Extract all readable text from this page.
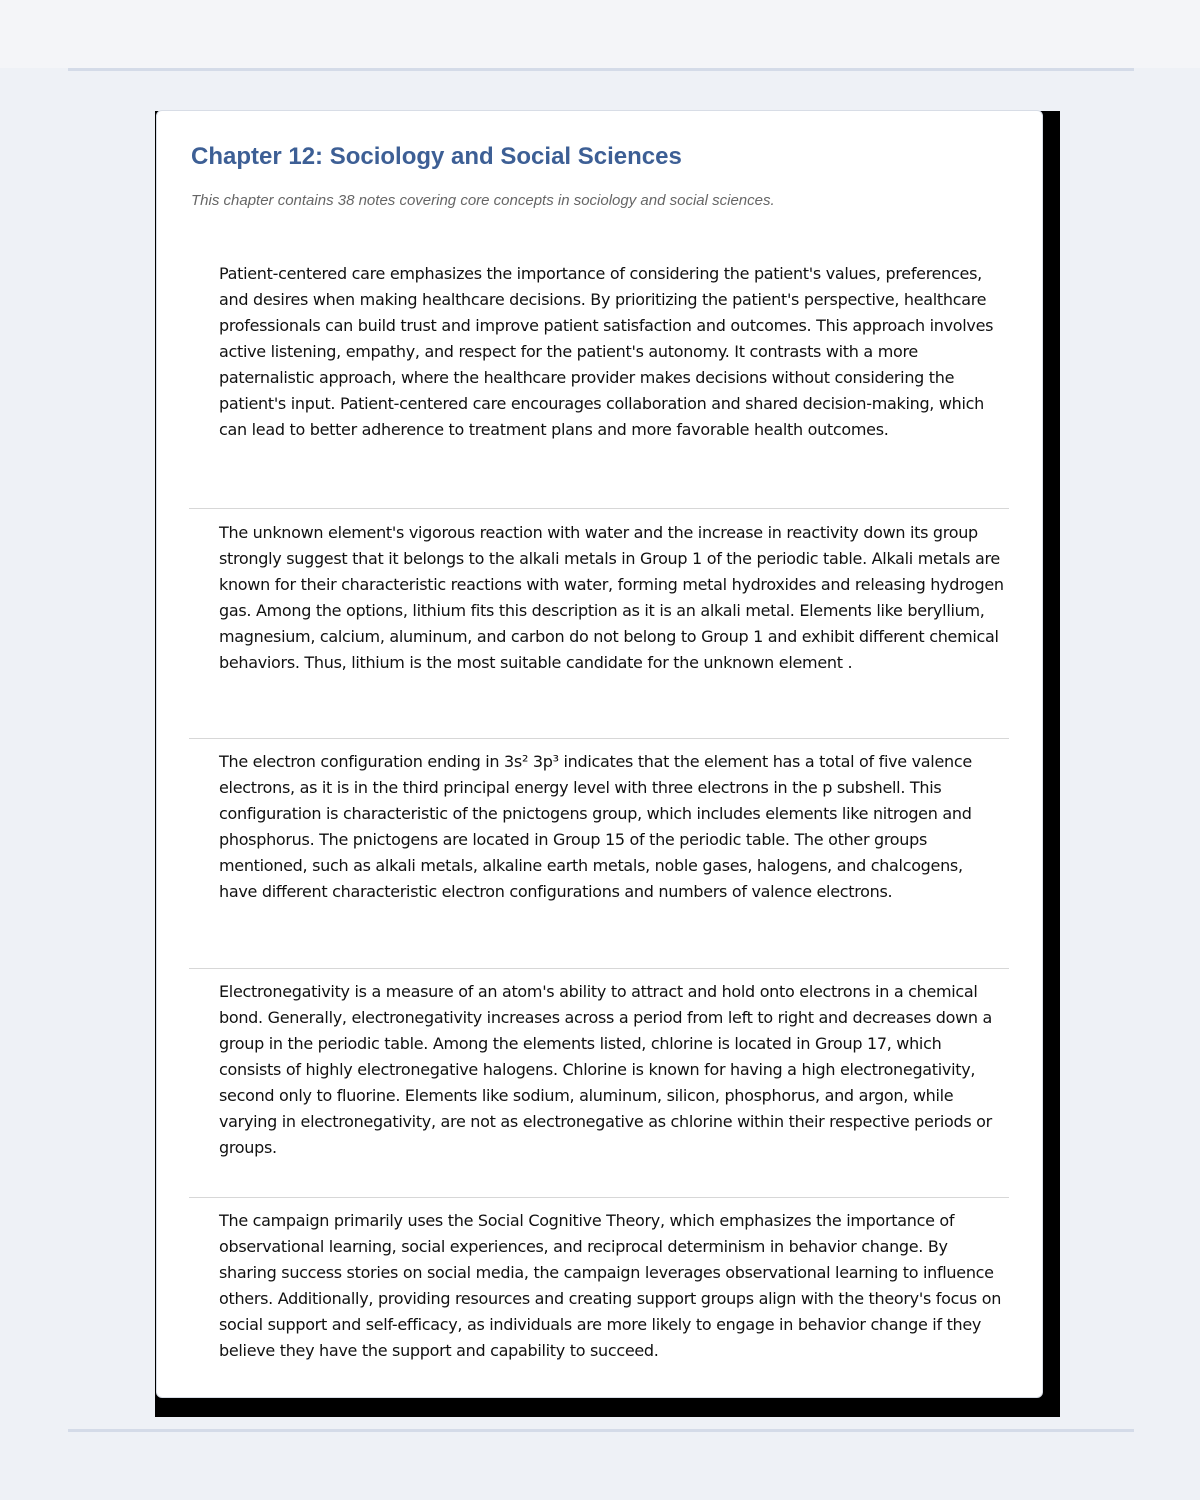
Chapter 12: Sociology and Social Sciences

This chapter contains 38 notes covering core concepts in sociology and social sciences.

Patient-centered care emphasizes the importance of considering the patient's values, preferences, and desires when making healthcare decisions. By prioritizing the patient's perspective, healthcare professionals can build trust and improve patient satisfaction and outcomes. This approach involves active listening, empathy, and respect for the patient's autonomy. It contrasts with a more paternalistic approach, where the healthcare provider makes decisions without considering the patient's input. Patient-centered care encourages collaboration and shared decision-making, which can lead to better adherence to treatment plans and more favorable health outcomes.

The unknown element's vigorous reaction with water and the increase in reactivity down its group strongly suggest that it belongs to the alkali metals in Group 1 of the periodic table. Alkali metals are known for their characteristic reactions with water, forming metal hydroxides and releasing hydrogen gas. Among the options, lithium fits this description as it is an alkali metal. Elements like beryllium, magnesium, calcium, aluminum, and carbon do not belong to Group 1 and exhibit different chemical behaviors. Thus, lithium is the most suitable candidate for the unknown element .

The electron configuration ending in 3s² 3p³ indicates that the element has a total of five valence electrons, as it is in the third principal energy level with three electrons in the p subshell. This configuration is characteristic of the pnictogens group, which includes elements like nitrogen and phosphorus. The pnictogens are located in Group 15 of the periodic table. The other groups mentioned, such as alkali metals, alkaline earth metals, noble gases, halogens, and chalcogens, have different characteristic electron configurations and numbers of valence electrons.

Electronegativity is a measure of an atom's ability to attract and hold onto electrons in a chemical bond. Generally, electronegativity increases across a period from left to right and decreases down a group in the periodic table. Among the elements listed, chlorine is located in Group 17, which consists of highly electronegative halogens. Chlorine is known for having a high electronegativity, second only to fluorine. Elements like sodium, aluminum, silicon, phosphorus, and argon, while varying in electronegativity, are not as electronegative as chlorine within their respective periods or groups.

The campaign primarily uses the Social Cognitive Theory, which emphasizes the importance of observational learning, social experiences, and reciprocal determinism in behavior change. By sharing success stories on social media, the campaign leverages observational learning to influence others. Additionally, providing resources and creating support groups align with the theory's focus on social support and self-efficacy, as individuals are more likely to engage in behavior change if they believe they have the support and capability to succeed.
